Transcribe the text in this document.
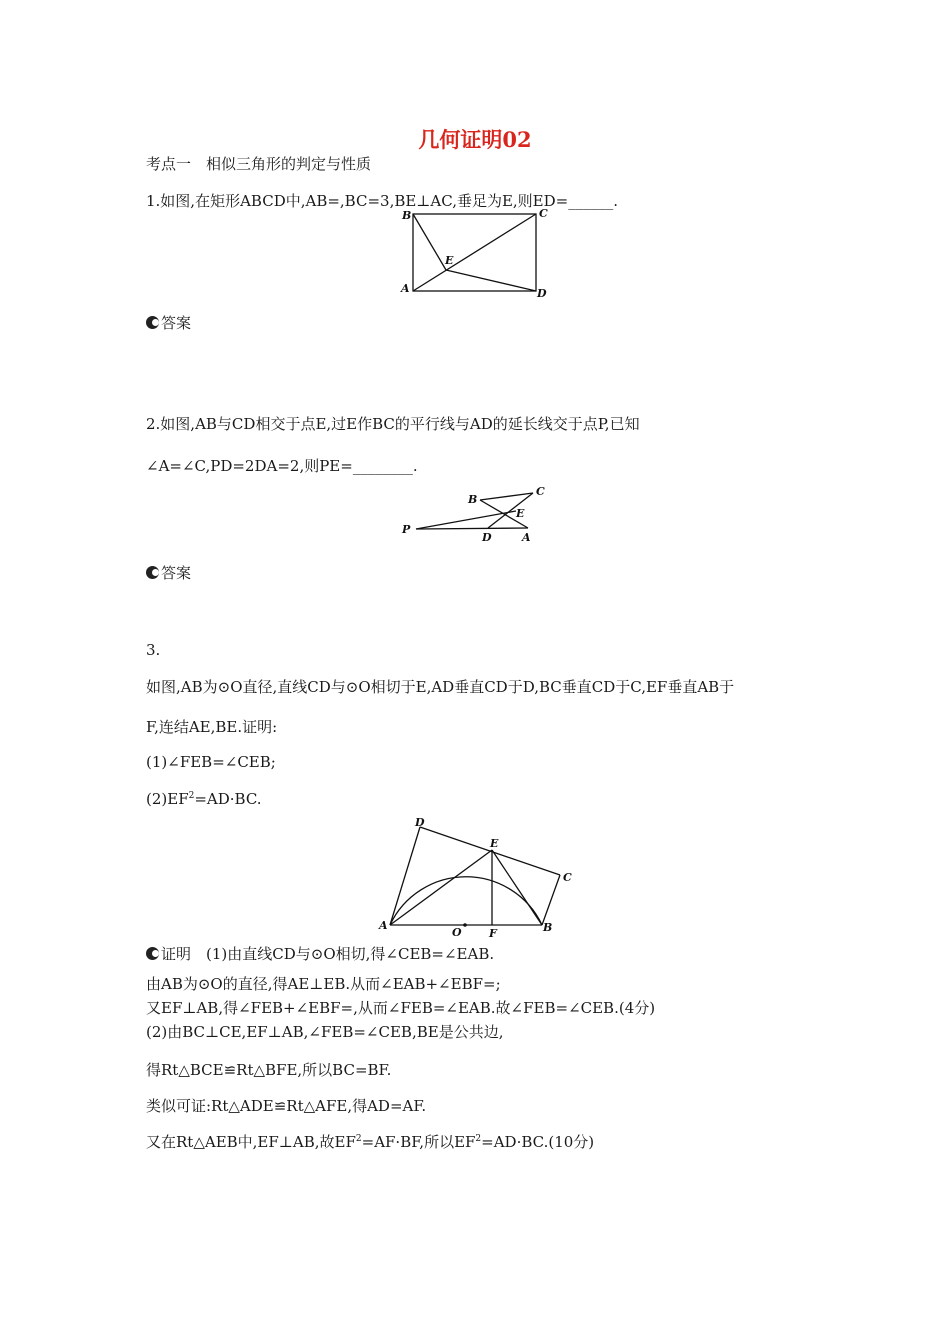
几何证明02
考点一　相似三角形的判定与性质
1.如图,在矩形ABCD中,AB=,BC=3,BE⊥AC,垂足为E,则ED=______.
B	C
E
A	D
答案
2.如图,AB与CD相交于点E,过E作BC的平行线与AD的延长线交于点P,已知
∠A=∠C,PD=2DA=2,则PE=________.
P
B
C
E
D	A
答案
3.
如图,AB为⊙O直径,直线CD与⊙O相切于E,AD垂直CD于D,BC垂直CD于C,EF垂直AB于
F,连结AE,BE.证明:
(1)∠FEB=∠CEB;
$(2)EF^2=AD\cdot BC$.
D
E
C
A
O F	B
证明　(1)由直线CD与⊙O相切,得∠CEB=∠EAB.
由AB为⊙O的直径,得AE⊥EB.从而∠EAB+∠EBF=;
又EF⊥AB,得∠FEB+∠EBF=,从而∠FEB=∠EAB.故∠FEB=∠CEB.(4分)
(2)由BC⊥CE,EF⊥AB,∠FEB=∠CEB,BE是公共边,
得Rt△BCE≌Rt△BFE,所以BC=BF.
类似可证:Rt△ADE≌Rt△AFE,得AD=AF.
又在Rt△AEB中,EF⊥AB,故$EF^2=AF\cdot BF$,所以$EF^2=AD\cdot BC.(10$分)
